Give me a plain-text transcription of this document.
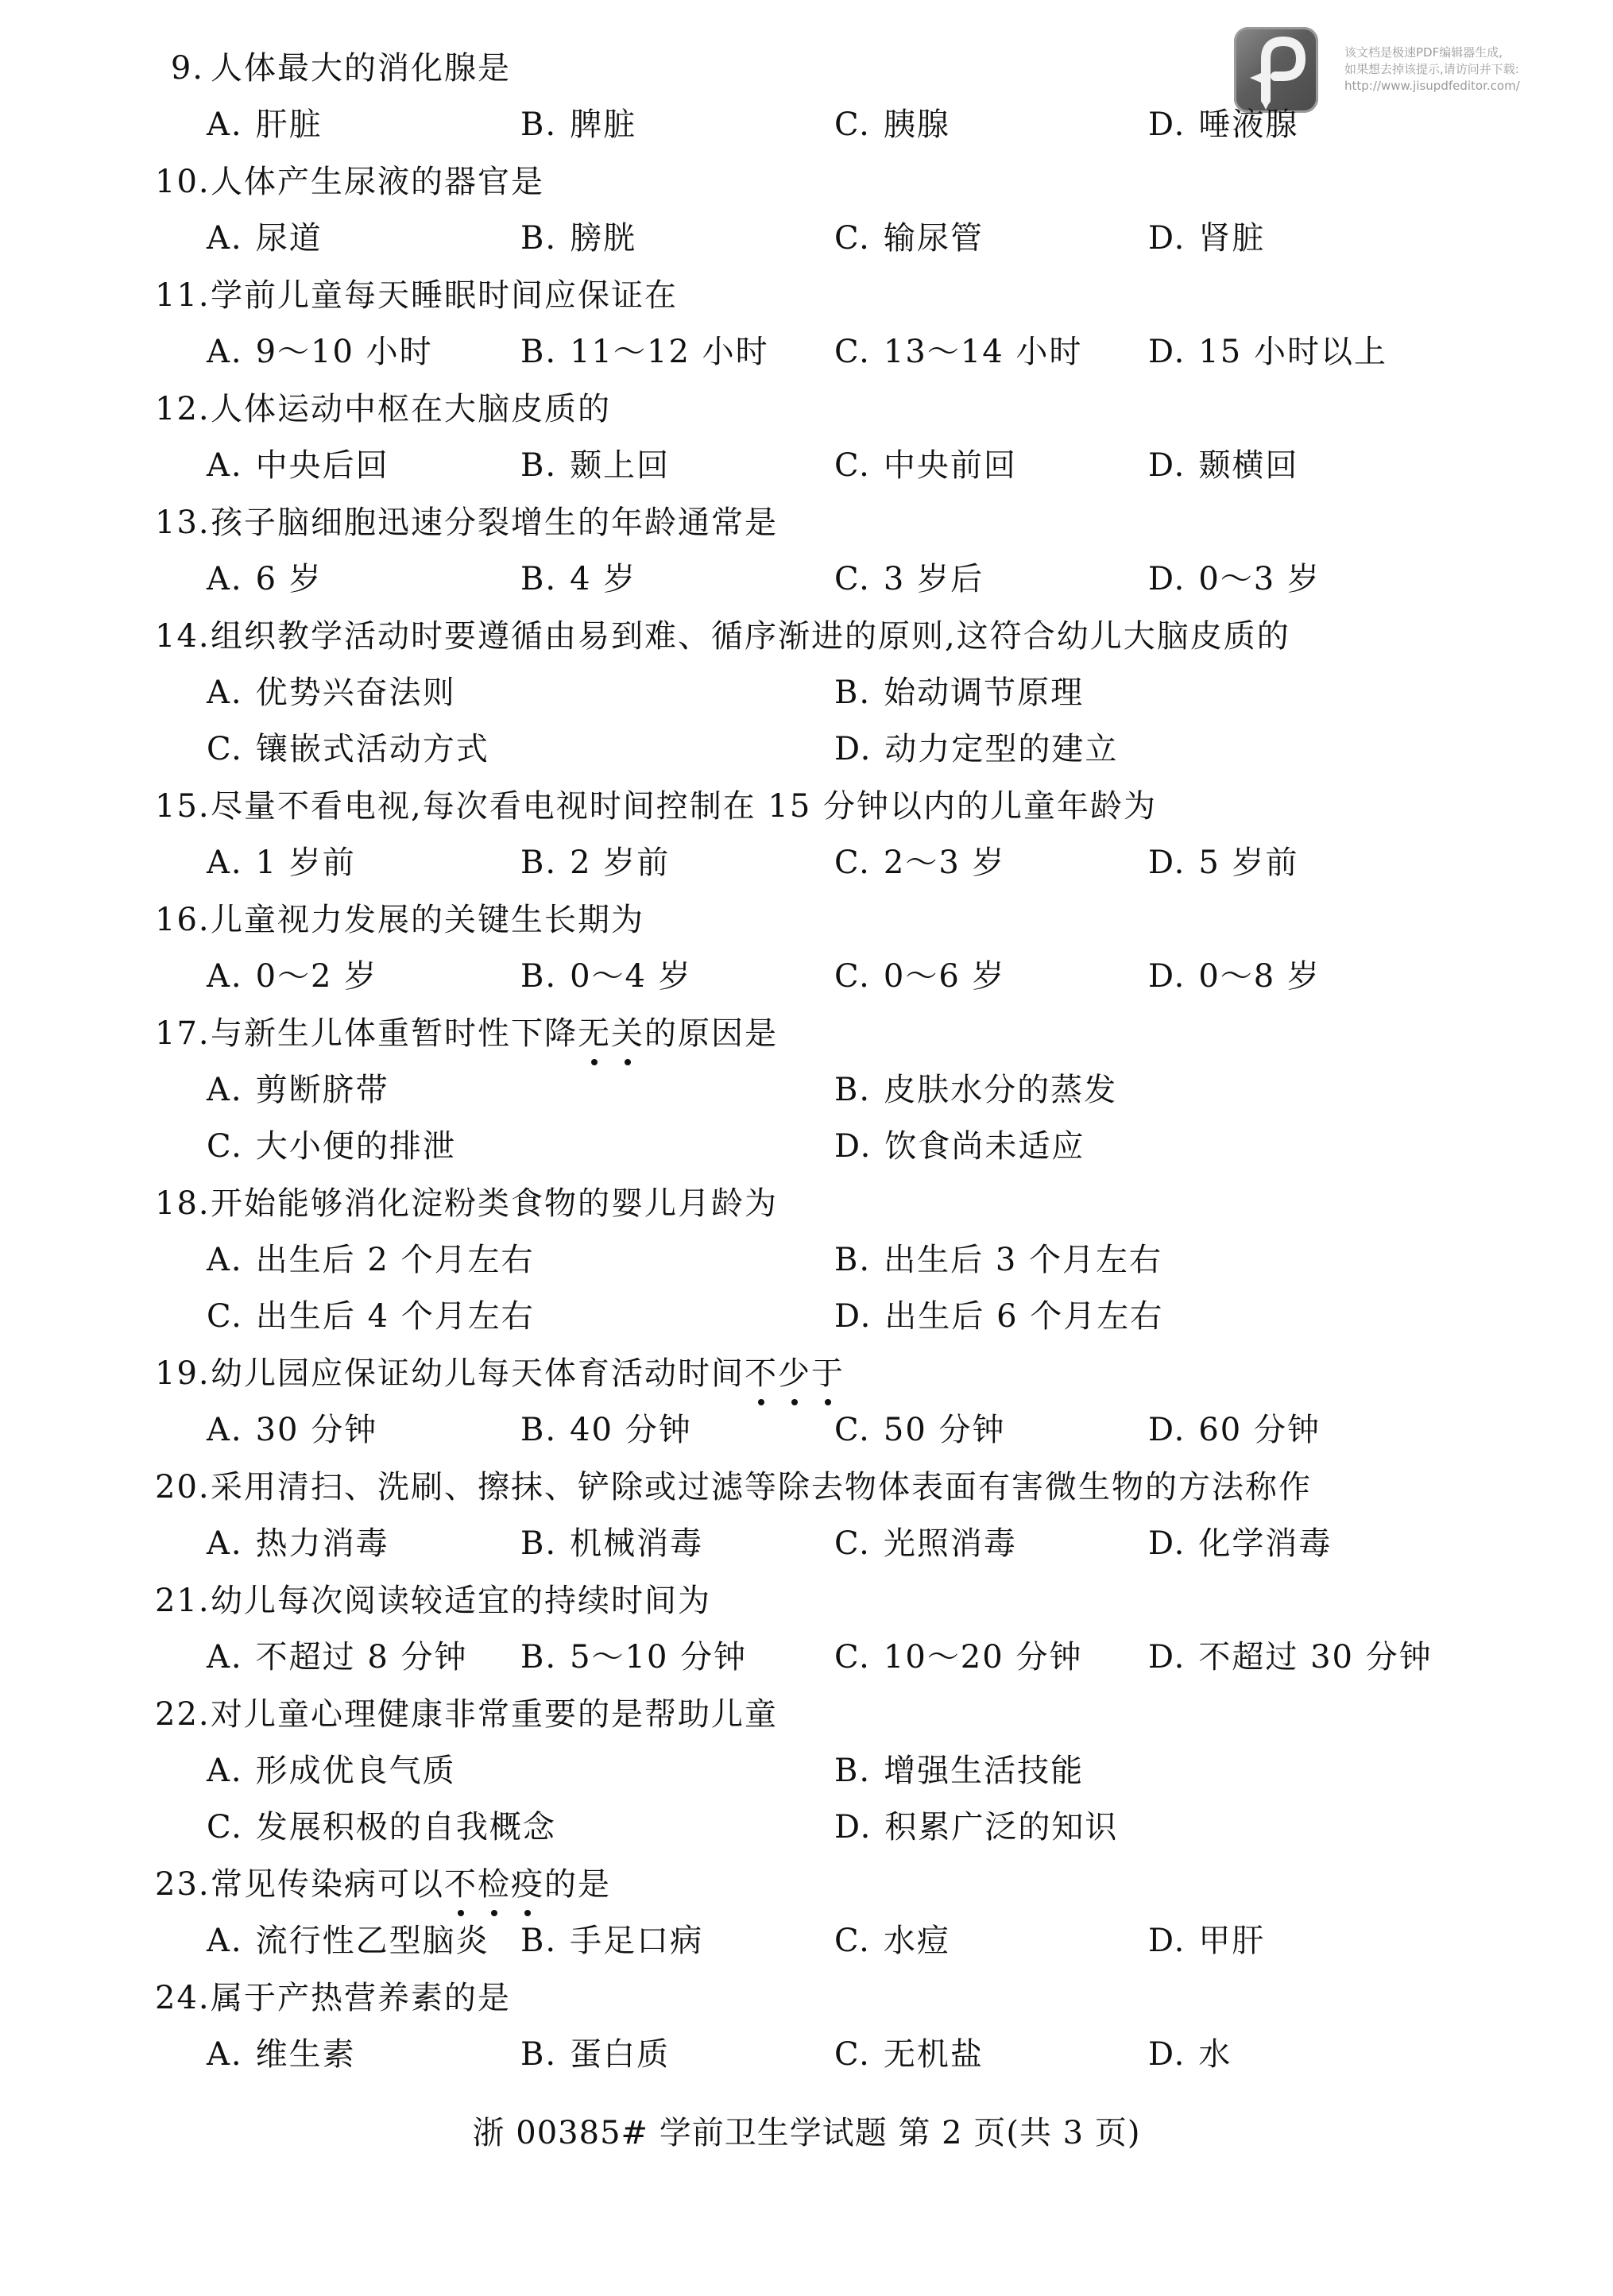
该文档是极速PDF编辑器生成,
如果想去掉该提示,请访问并下载:
http://www.jisupdfeditor.com/
9. 人体最大的消化腺是
A. 肝脏	B. 脾脏	C. 胰腺	D. 唾液腺
10.人体产生尿液的器官是
A. 尿道	B. 膀胱	C. 输尿管	D. 肾脏
11.学前儿童每天睡眠时间应保证在
A. 9～10 小时	B. 11～12 小时 C. 13～14 小时 D. 15 小时以上
12.人体运动中枢在大脑皮质的
A. 中央后回	B. 颞上回	C. 中央前回	D. 颞横回
13.孩子脑细胞迅速分裂增生的年龄通常是
A. 6 岁	B. 4 岁	C. 3 岁后	D. 0～3 岁
14.组织教学活动时要遵循由易到难、循序渐进的原则,这符合幼儿大脑皮质的
A. 优势兴奋法则	B. 始动调节原理
C. 镶嵌式活动方式	D. 动力定型的建立
15.尽量不看电视,每次看电视时间控制在 15 分钟以内的儿童年龄为
A. 1 岁前	B. 2 岁前	C. 2～3 岁	D. 5 岁前
16.儿童视力发展的关键生长期为
A. 0～2 岁	B. 0～4 岁	C. 0～6 岁	D. 0～8 岁
17.与新生儿体重暂时性下降无关的原因是
A. 剪断脐带	B. 皮肤水分的蒸发
C. 大小便的排泄	D. 饮食尚未适应
18.开始能够消化淀粉类食物的婴儿月龄为
A. 出生后 2 个月左右	B. 出生后 3 个月左右
C. 出生后 4 个月左右	D. 出生后 6 个月左右
19.幼儿园应保证幼儿每天体育活动时间不少于
A. 30 分钟	B. 40 分钟	C. 50 分钟	D. 60 分钟
20.采用清扫、洗刷、擦抹、铲除或过滤等除去物体表面有害微生物的方法称作
A. 热力消毒	B. 机械消毒	C. 光照消毒	D. 化学消毒
21.幼儿每次阅读较适宜的持续时间为
A. 不超过 8 分钟 B. 5～10 分钟	C. 10～20 分钟 D. 不超过 30 分钟
22.对儿童心理健康非常重要的是帮助儿童
A. 形成优良气质	B. 增强生活技能
C. 发展积极的自我概念	D. 积累广泛的知识
23.常见传染病可以不检疫的是
A. 流行性乙型脑炎 B. 手足口病	C. 水痘	D. 甲肝
24.属于产热营养素的是
A. 维生素	B. 蛋白质	C. 无机盐	D. 水
浙 00385# 学前卫生学试题 第 2 页(共 3 页)
